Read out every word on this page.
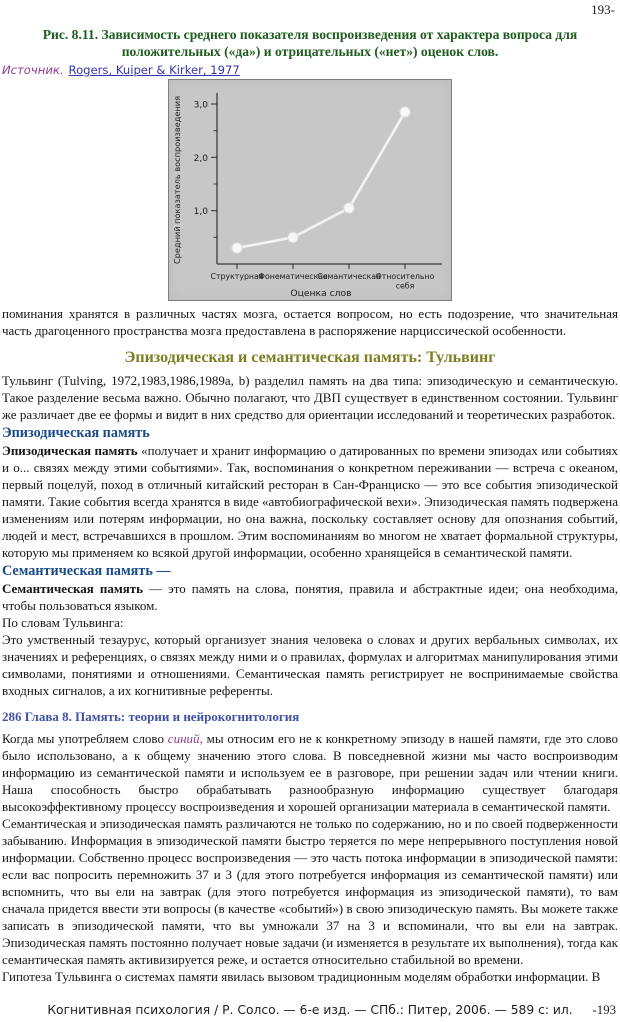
193-
Рис. 8.11. Зависимость среднего показателя воспроизведения от характера вопроса для положительных («да») и отрицательных («нет») оценок слов.
Источник. Rogers, Kuiper & Kirker, 1977
1,0
2,0
3,0
Структурная
Фонематическая
Семантическая
Относительно себя
Оценка слов
Средний показатель воспроизведения

поминания хранятся в различных частях мозга, остается вопросом, но есть подозрение, что значительная часть драгоценного пространства мозга предоставлена в распоряжение нарциссической особенности.

Эпизодическая и семантическая память: Тульвинг

Тульвинг (Tulving, 1972,1983,1986,1989a, b) разделил память на два типа: эпизодическую и семантическую. Такое разделение весьма важно. Обычно полагают, что ДВП существует в единственном состоянии. Тульвинг же различает две ее формы и видит в них средство для ориентации исследований и теоретических разработок.

Эпизодическая память

Эпизодическая память «получает и хранит информацию о датированных по времени эпизодах или событиях и о... связях между этими событиями». Так, воспоминания о конкретном переживании — встреча с океаном, первый поцелуй, поход в отличный китайский ресторан в Сан-Франциско — это все события эпизодической памяти. Такие события всегда хранятся в виде «автобиографической вехи». Эпизодическая память подвержена изменениям или потерям информации, но она важна, поскольку составляет основу для опознания событий, людей и мест, встречавшихся в прошлом. Этим воспоминаниям во многом не хватает формальной структуры, которую мы применяем ко всякой другой информации, особенно хранящейся в семантической памяти.

Семантическая память —

Семантическая память — это память на слова, понятия, правила и абстрактные идеи; она необходима, чтобы пользоваться языком.

По словам Тульвинга:

Это умственный тезаурус, который организует знания человека о словах и других вербальных символах, их значениях и референциях, о связях между ними и о правилах, формулах и алгоритмах манипулирования этими символами, понятиями и отношениями. Семантическая память регистрирует не воспринимаемые свойства входных сигналов, а их когнитивные референты.

286 Глава 8. Память: теории и нейрокогнитология

Когда мы употребляем слово синий, мы относим его не к конкретному эпизоду в нашей памяти, где это слово было использовано, а к общему значению этого слова. В повседневной жизни мы часто воспроизводим информацию из семантической памяти и используем ее в разговоре, при решении задач или чтении книги. Наша способность быстро обрабатывать разнообразную информацию существует благодаря высокоэффективному процессу воспроизведения и хорошей организации материала в семантической памяти.

Семантическая и эпизодическая память различаются не только по содержанию, но и по своей подверженности забыванию. Информация в эпизодической памяти быстро теряется по мере непрерывного поступления новой информации. Собственно процесс воспроизведения — это часть потока информации в эпизодической памяти: если вас попросить перемножить 37 и 3 (для этого потребуется информация из семантической памяти) или вспомнить, что вы ели на завтрак (для этого потребуется информация из эпизодической памяти), то вам сначала придется ввести эти вопросы (в качестве «событий») в свою эпизодическую память. Вы можете также записать в эпизодической памяти, что вы умножали 37 на 3 и вспоминали, что вы ели на завтрак. Эпизодическая память постоянно получает новые задачи (и изменяется в результате их выполнения), тогда как семантическая память активизируется реже, и остается относительно стабильной во времени.

Гипотеза Тульвинга о системах памяти явилась вызовом традиционным моделям обработки информации. В

Когнитивная психология / Р. Солсо. — 6-е изд. — СПб.: Питер, 2006. — 589 с: ил. -193
